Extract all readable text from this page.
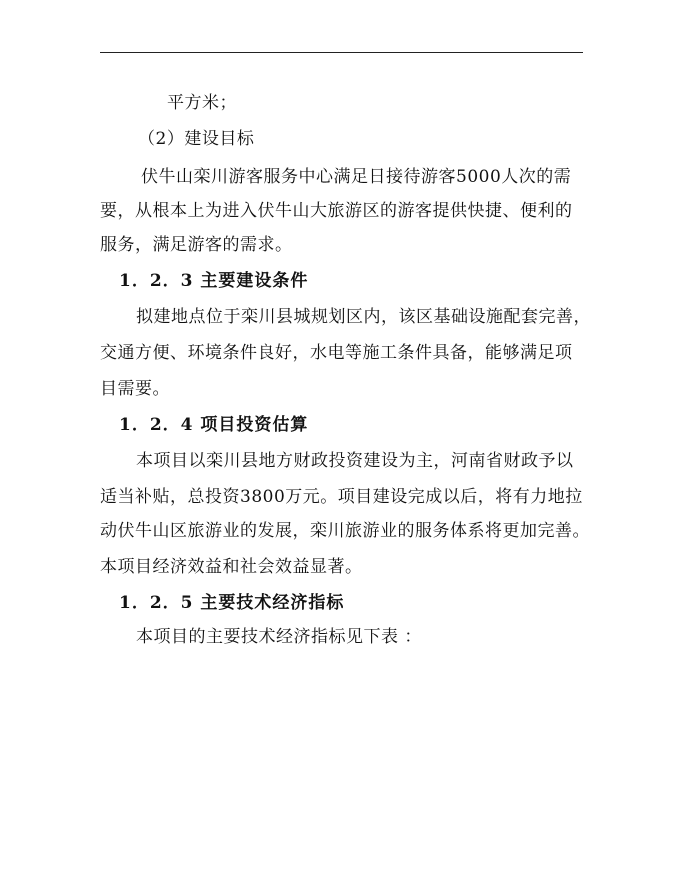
平方米；
（2）建设目标
伏牛山栾川游客服务中心满足日接待游客5000人次的需
要，从根本上为进入伏牛山大旅游区的游客提供快捷、便利的
服务，满足游客的需求。
1．2．3 主要建设条件
拟建地点位于栾川县城规划区内，该区基础设施配套完善，
交通方便、环境条件良好，水电等施工条件具备，能够满足项
目需要。
1．2．4 项目投资估算
本项目以栾川县地方财政投资建设为主，河南省财政予以
适当补贴，总投资3800万元。项目建设完成以后，将有力地拉
动伏牛山区旅游业的发展，栾川旅游业的服务体系将更加完善。
本项目经济效益和社会效益显著。
1．2．5 主要技术经济指标
本项目的主要技术经济指标见下表 ：
